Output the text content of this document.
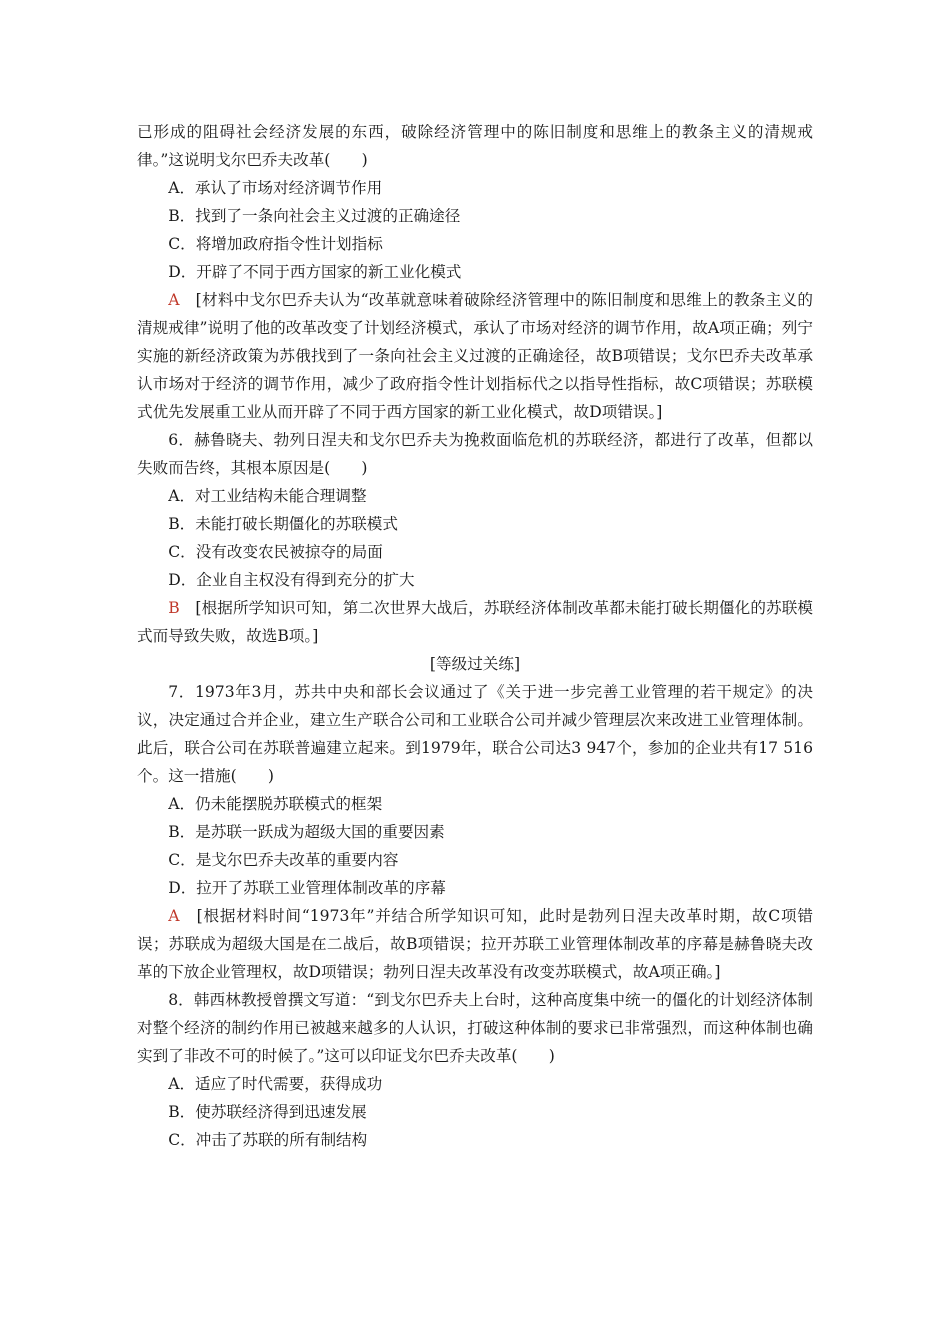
已形成的阻碍社会经济发展的东西，破除经济管理中的陈旧制度和思维上的教条主义的清规戒律。”这说明戈尔巴乔夫改革(　　)

A．承认了市场对经济调节作用

B．找到了一条向社会主义过渡的正确途径

C．将增加政府指令性计划指标

D．开辟了不同于西方国家的新工业化模式

A　 [材料中戈尔巴乔夫认为“改革就意味着破除经济管理中的陈旧制度和思维上的教条主义的清规戒律”说明了他的改革改变了计划经济模式，承认了市场对经济的调节作用，故A项正确；列宁实施的新经济政策为苏俄找到了一条向社会主义过渡的正确途径，故B项错误；戈尔巴乔夫改革承认市场对于经济的调节作用，减少了政府指令性计划指标代之以指导性指标，故C项错误；苏联模式优先发展重工业从而开辟了不同于西方国家的新工业化模式，故D项错误。]

6．赫鲁晓夫、勃列日涅夫和戈尔巴乔夫为挽救面临危机的苏联经济，都进行了改革，但都以失败而告终，其根本原因是(　　)

A．对工业结构未能合理调整

B．未能打破长期僵化的苏联模式

C．没有改变农民被掠夺的局面

D．企业自主权没有得到充分的扩大

B　 [根据所学知识可知，第二次世界大战后，苏联经济体制改革都未能打破长期僵化的苏联模式而导致失败，故选B项。]

[等级过关练]

7．1973年3月，苏共中央和部长会议通过了《关于进一步完善工业管理的若干规定》的决议，决定通过合并企业，建立生产联合公司和工业联合公司并减少管理层次来改进工业管理体制。此后，联合公司在苏联普遍建立起来。到1979年，联合公司达3 947个，参加的企业共有17 516个。这一措施(　　)

A．仍未能摆脱苏联模式的框架

B．是苏联一跃成为超级大国的重要因素

C．是戈尔巴乔夫改革的重要内容

D．拉开了苏联工业管理体制改革的序幕

A　 [根据材料时间“1973年”并结合所学知识可知，此时是勃列日涅夫改革时期，故C项错误；苏联成为超级大国是在二战后，故B项错误；拉开苏联工业管理体制改革的序幕是赫鲁晓夫改革的下放企业管理权，故D项错误；勃列日涅夫改革没有改变苏联模式，故A项正确。]

8．韩西林教授曾撰文写道：“到戈尔巴乔夫上台时，这种高度集中统一的僵化的计划经济体制对整个经济的制约作用已被越来越多的人认识，打破这种体制的要求已非常强烈，而这种体制也确实到了非改不可的时候了。”这可以印证戈尔巴乔夫改革(　　)

A．适应了时代需要，获得成功

B．使苏联经济得到迅速发展

C．冲击了苏联的所有制结构
